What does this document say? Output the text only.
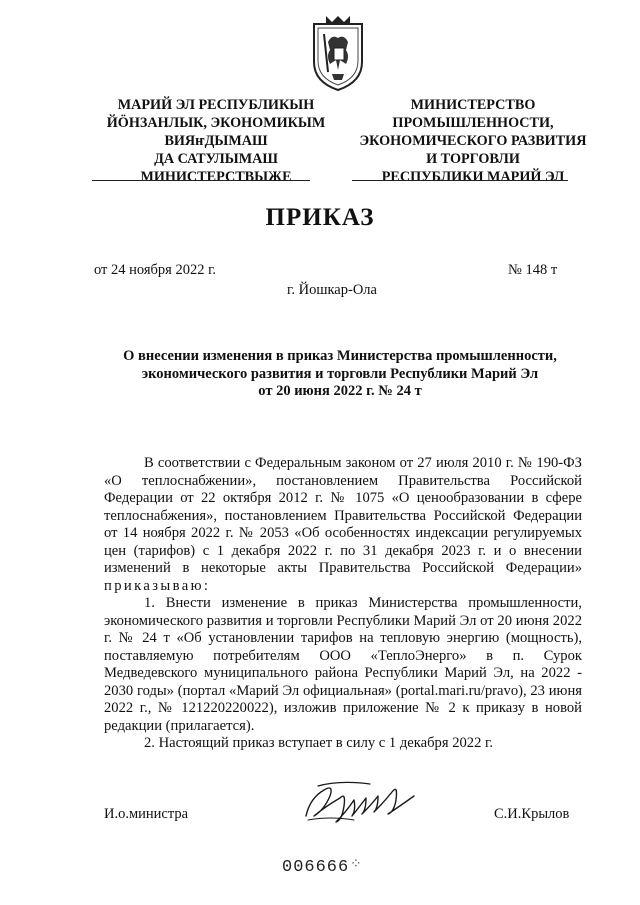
МАРИЙ ЭЛ РЕСПУБЛИКЫН
ЙÖНЗАНЛЫК, ЭКОНОМИКЫМ
ВИЯҥДЫМАШ
ДА САТУЛЫМАШ
МИНИСТЕРСТВЫЖЕ
МИНИСТЕРСТВО
ПРОМЫШЛЕННОСТИ,
ЭКОНОМИЧЕСКОГО РАЗВИТИЯ
И ТОРГОВЛИ
РЕСПУБЛИКИ МАРИЙ ЭЛ
ПРИКАЗ
от 24 ноября 2022 г.	№ 148 т
г. Йошкар-Ола
О внесении изменения в приказ Министерства промышленности,
экономического развития и торговли Республики Марий Эл
от 20 июня 2022 г. № 24 т

В соответствии с Федеральным законом от 27 июля 2010 г. № 190-ФЗ «О теплоснабжении», постановлением Правительства Российской Федерации от 22 октября 2012 г. № 1075 «О ценообразовании в сфере теплоснабжения», постановлением Правительства Российской Федерации от 14 ноября 2022 г. № 2053 «Об особенностях индексации регулируемых цен (тарифов) с 1 декабря 2022 г. по 31 декабря 2023 г. и о внесении изменений в некоторые акты Правительства Российской Федерации» приказываю:

1. Внести изменение в приказ Министерства промышленности, экономического развития и торговли Республики Марий Эл от 20 июня 2022 г. № 24 т «Об установлении тарифов на тепловую энергию (мощность), поставляемую потребителям ООО «ТеплоЭнерго» в п. Сурок Медведевского муниципального района Республики Марий Эл, на 2022 - 2030 годы» (портал «Марий Эл официальная» (portal.mari.ru/pravo), 23 июня 2022 г., № 121220220022), изложив приложение № 2 к приказу в новой редакции (прилагается).

2. Настоящий приказ вступает в силу с 1 декабря 2022 г.

И.о.министра	С.И.Крылов
006666 ⁘
